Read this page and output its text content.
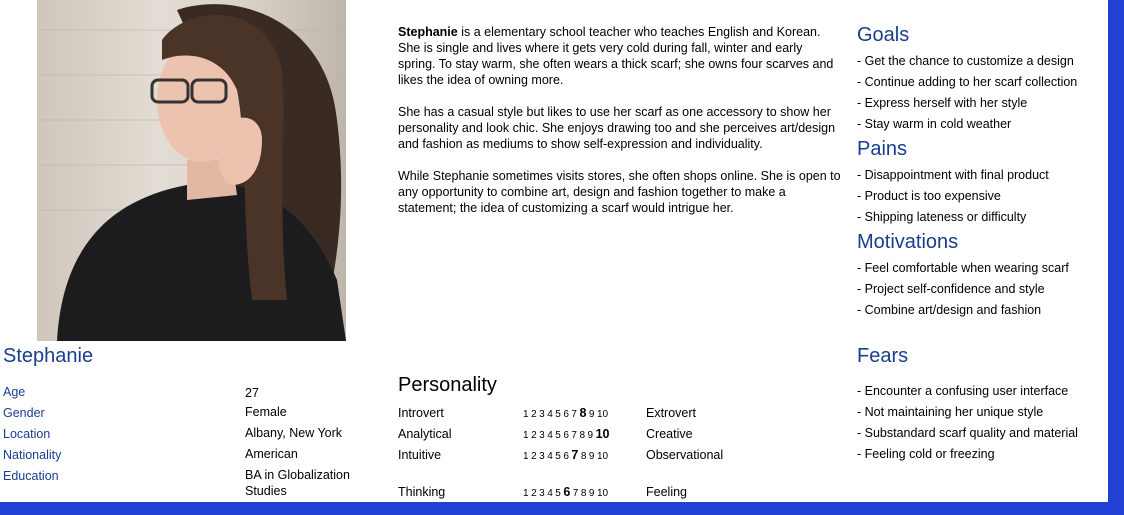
Stephanie is a elementary school teacher who teaches English and Korean. She is single and lives where it gets very cold during fall, winter and early spring. To stay warm, she often wears a thick scarf; she owns four scarves and likes the idea of owning more.

She has a casual style but likes to use her scarf as one accessory to show her personality and look chic. She enjoys drawing too and she perceives art/design and fashion as mediums to show self-expression and individuality.

While Stephanie sometimes visits stores, she often shops online. She is open to any opportunity to combine art, design and fashion together to make a statement; the idea of customizing a scarf would intrigue her.

Goals
- Get the chance to customize a design
- Continue adding to her scarf collection
- Express herself with her style
- Stay warm in cold weather
Pains
- Disappointment with final product
- Product is too expensive
- Shipping lateness or difficulty
Motivations
- Feel comfortable when wearing scarf
- Project self-confidence and style
- Combine art/design and fashion
Fears
- Encounter a confusing user interface
- Not maintaining her unique style
- Substandard scarf quality and material
- Feeling cold or freezing
Stephanie
Age	27
Gender	Female
Location	Albany, New York
Nationality	American
Education	BA in Globalization Studies
Personality
Introvert	1 2 3 4 5 6 7 8 9 10	Extrovert
Analytical	1 2 3 4 5 6 7 8 9 10	Creative
Intuitive	1 2 3 4 5 6 7 8 9 10	Observational
Thinking	1 2 3 4 5 6 7 8 9 10	Feeling
